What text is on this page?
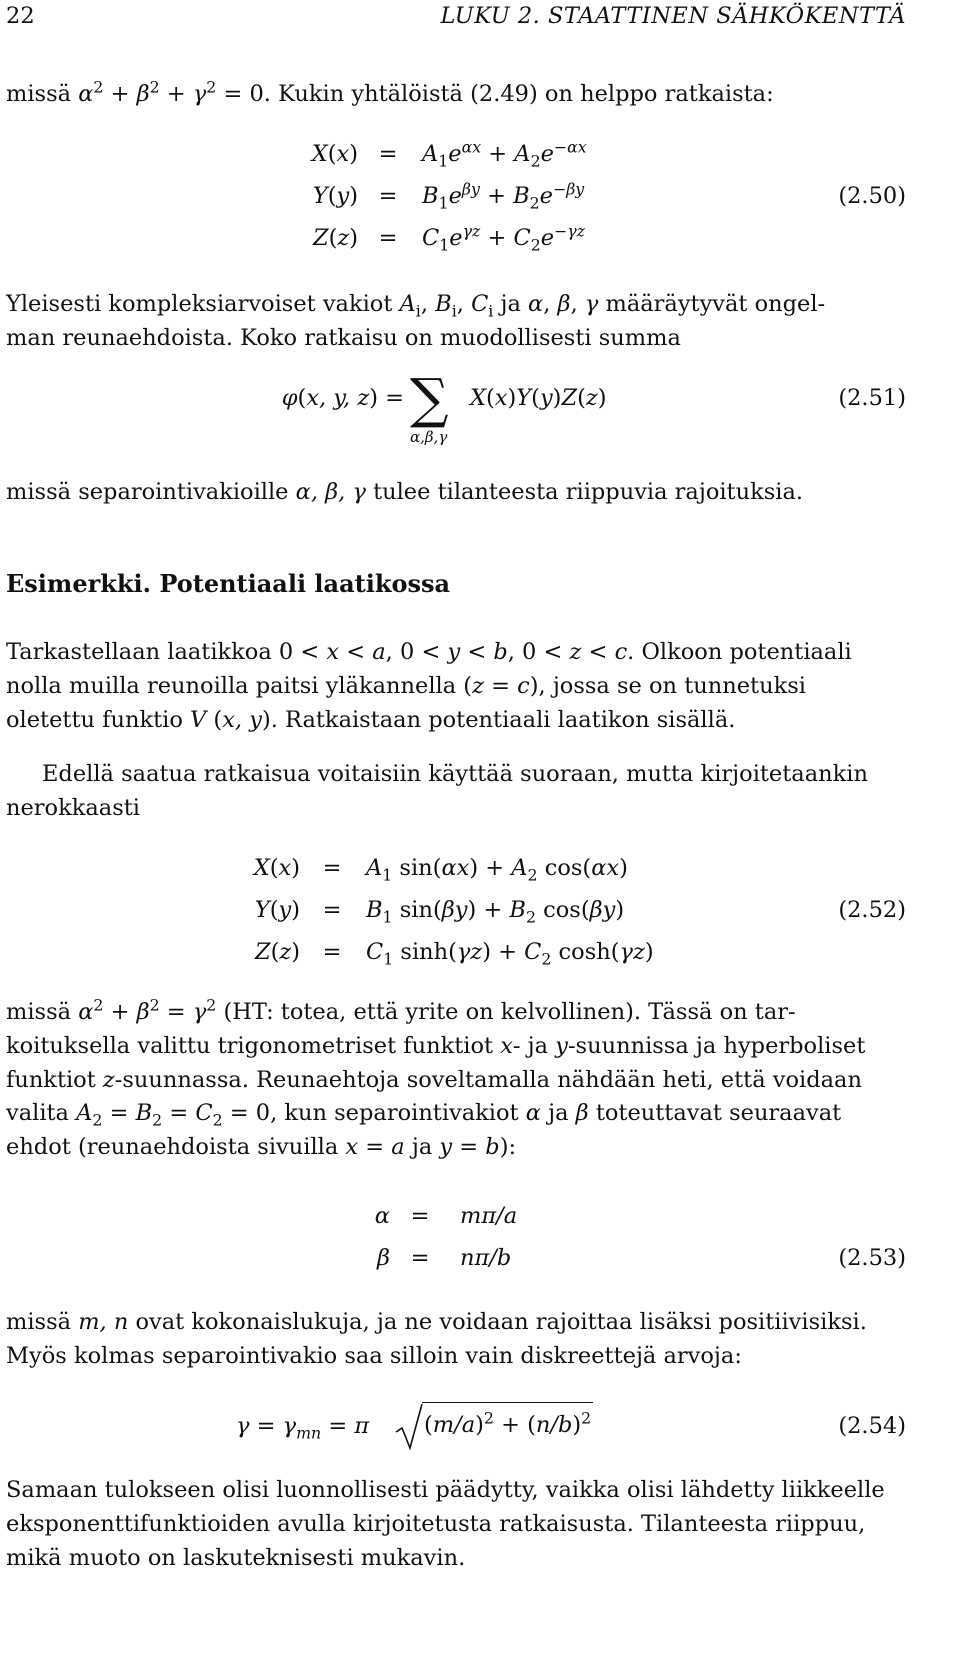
22	LUKU 2. STAATTINEN SÄHKÖKENTTÄ

missä $\alpha^2 + \beta^2 + \gamma^2 = 0$. Kukin yhtälöistä (2.49) on helppo ratkaista:

X(x) =	$A_1e^{\alpha x} + A_2e^{-\alpha x}$
Y(y) =	$B_1e^{\beta y} + B_2e^{-\beta y}$
Z(z) =	$C_1e^{\gamma z} + C_2e^{-\gamma z}$
(2.50)

Yleisesti kompleksiarvoiset vakiot $A_i$, $B_i$, $C_i$ ja α, β, γ määräytyvät ongel-

man reunaehdoista. Koko ratkaisu on muodollisesti summa

φ(x, y, z) = ∑
α,β,γ
X(x)Y(y)Z(z)	(2.51)

missä separointivakioille α, β, γ tulee tilanteesta riippuvia rajoituksia.

Esimerkki. Potentiaali laatikossa

Tarkastellaan laatikkoa 0 < x < a, 0 < y < b, 0 < z < c. Olkoon potentiaali

nolla muilla reunoilla paitsi yläkannella (z = c), jossa se on tunnetuksi

oletettu funktio V (x, y). Ratkaistaan potentiaali laatikon sisällä.

Edellä saatua ratkaisua voitaisiin käyttää suoraan, mutta kirjoitetaankin

nerokkaasti

X(x)	=	$A_1$ $\sin(\alpha x) + A_2$ cos(αx)
Y(y)	=	$B_1$ $\sin(\beta y) + B_2$ cos(βy)
Z(z)	=	$C_1$ $\sinh(\gamma z) + C_2$ cosh(γz)
(2.52)

missä $\alpha^2 + \beta^2 = \gamma^2$ (HT: totea, että yrite on kelvollinen). Tässä on tar-

koituksella valittu trigonometriset funktiot x- ja y-suunnissa ja hyperboliset

funktiot z-suunnassa. Reunaehtoja soveltamalla nähdään heti, että voidaan

valita $A_2 = B_2 = C_2 = 0$, kun separointivakiot α ja β toteuttavat seuraavat

ehdot (reunaehdoista sivuilla x = a ja y = b):

α =	mπ/a
β =	nπ/b	(2.53)

missä m, n ovat kokonaislukuja, ja ne voidaan rajoittaa lisäksi positiivisiksi.

Myös kolmas separointivakio saa silloin vain diskreettejä arvoja:

$\gamma = \gamma_{mn} = \pi$ $(m/a)^2 + (n/b)^2$	(2.54)

Samaan tulokseen olisi luonnollisesti päädytty, vaikka olisi lähdetty liikkeelle

eksponenttifunktioiden avulla kirjoitetusta ratkaisusta. Tilanteesta riippuu,

mikä muoto on laskuteknisesti mukavin.
